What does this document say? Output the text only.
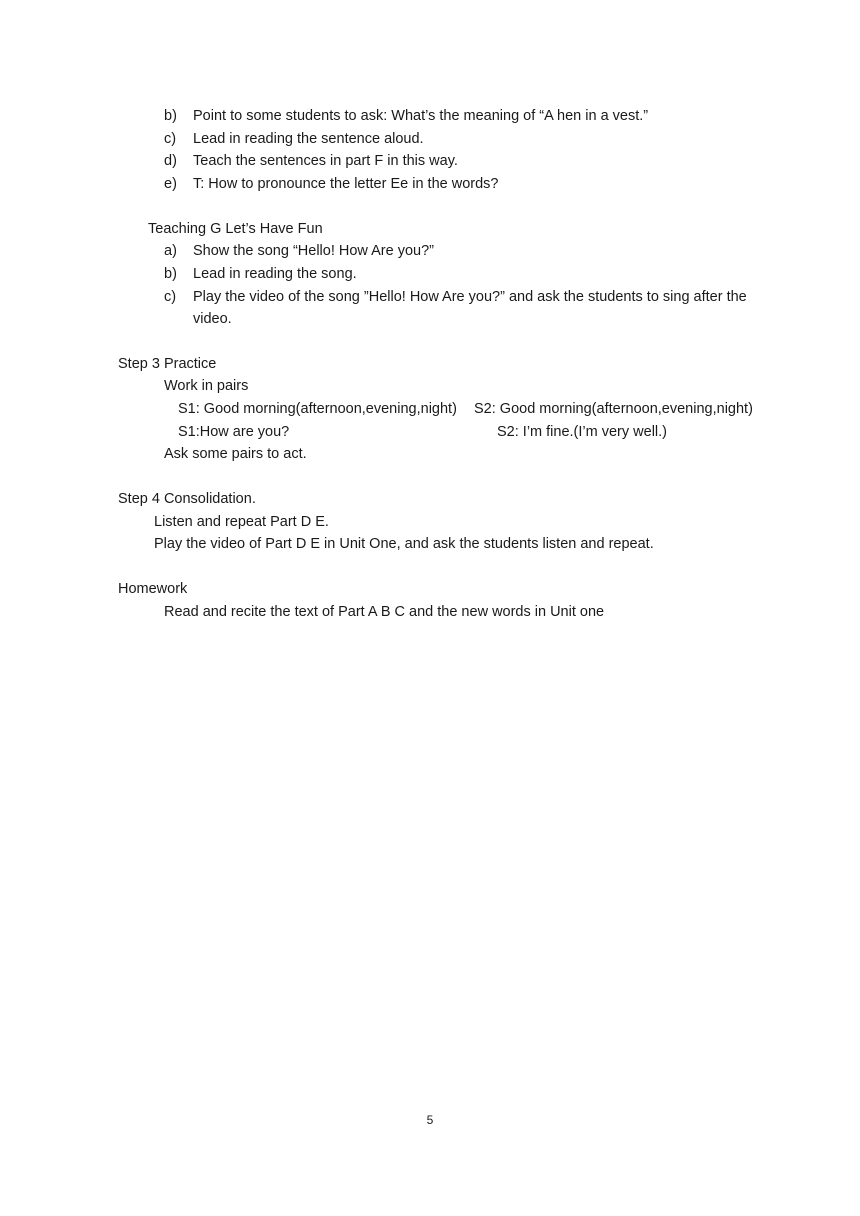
b) Point to some students to ask: What’s the meaning of “A hen in a vest.”
c) Lead in reading the sentence aloud.
d) Teach the sentences in part F in this way.
e) T: How to pronounce the letter Ee in the words?
Teaching G Let’s Have Fun
a) Show the song “Hello! How Are you?”
b) Lead in reading the song.
c) Play the video of the song ”Hello! How Are you?” and ask the students to sing after the
video.
Step 3 Practice
Work in pairs
S1: Good morning(afternoon,evening,night) S2: Good morning(afternoon,evening,night)
S1:How are you?	S2: I’m fine.(I’m very well.)
Ask some pairs to act.
Step 4 Consolidation.
Listen and repeat Part D E.
Play the video of Part D E in Unit One, and ask the students listen and repeat.
Homework
Read and recite the text of Part A B C and the new words in Unit one
5
